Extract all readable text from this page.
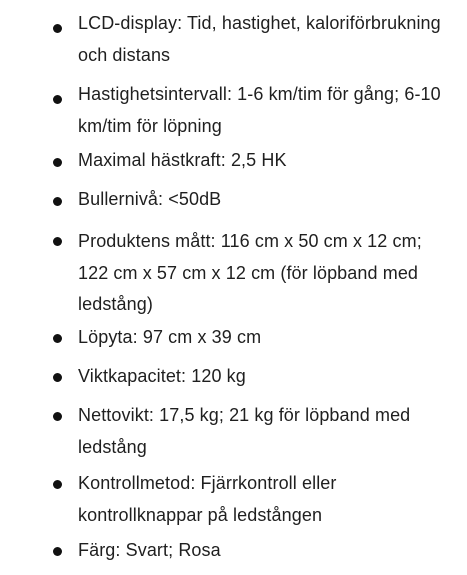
LCD-display: Tid, hastighet, kaloriförbrukning och distans

Hastighetsintervall: 1-6 km/tim för gång; 6-10 km/tim för löpning

Maximal hästkraft: 2,5 HK

Bullernivå: <50dB

Produktens mått: 116 cm x 50 cm x 12 cm; 122 cm x 57 cm x 12 cm (för löpband med ledstång)

Löpyta: 97 cm x 39 cm

Viktkapacitet: 120 kg

Nettovikt: 17,5 kg; 21 kg för löpband med ledstång

Kontrollmetod: Fjärrkontroll eller kontrollknappar på ledstången

Färg: Svart; Rosa
